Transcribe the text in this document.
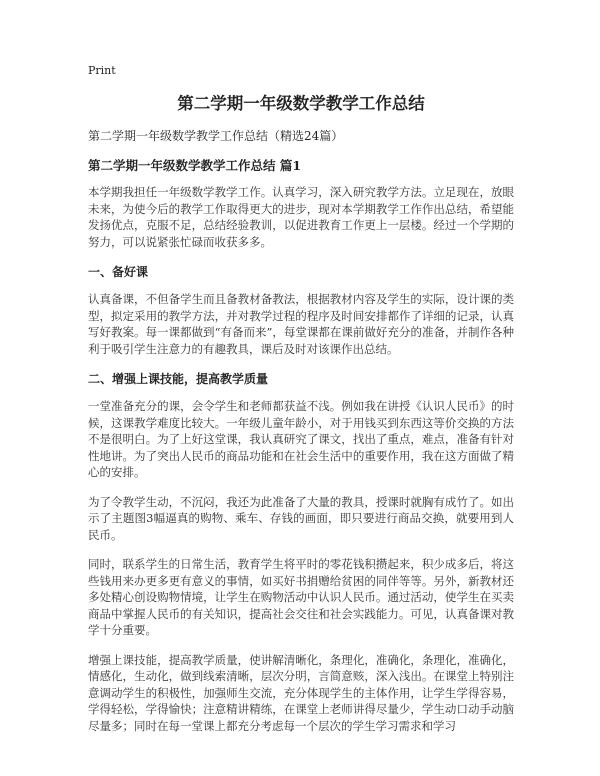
Print
第二学期一年级数学教学工作总结

第二学期一年级数学教学工作总结（精选24篇）

第二学期一年级数学教学工作总结 篇1

本学期我担任一年级数学教学工作。认真学习，深入研究教学方法。立足现在，放眼未来，为使今后的教学工作取得更大的进步，现对本学期教学工作作出总结，希望能发扬优点，克服不足，总结经验教训，以促进教育工作更上一层楼。经过一个学期的努力，可以说紧张忙碌而收获多多。

一、备好课

认真备课，不但备学生而且备教材备教法，根据教材内容及学生的实际，设计课的类型，拟定采用的教学方法，并对教学过程的程序及时间安排都作了详细的记录，认真写好教案。每一课都做到“有备而来”，每堂课都在课前做好充分的准备，并制作各种利于吸引学生注意力的有趣教具，课后及时对该课作出总结。

二、增强上课技能，提高教学质量

一堂准备充分的课，会令学生和老师都获益不浅。例如我在讲授《认识人民币》的时候，这课教学难度比较大。一年级儿童年龄小，对于用钱买到东西这等价交换的方法不是很明白。为了上好这堂课，我认真研究了课文，找出了重点，难点，准备有针对性地讲。为了突出人民币的商品功能和在社会生活中的重要作用，我在这方面做了精心的安排。

为了令教学生动，不沉闷，我还为此准备了大量的教具，授课时就胸有成竹了。如出示了主题图3幅逼真的购物、乘车、存钱的画面，即只要进行商品交换，就要用到人民币。

同时，联系学生的日常生活，教育学生将平时的零花钱积攒起来，积少成多后，将这些钱用来办更多更有意义的事情，如买好书捐赠给贫困的同伴等等。另外，新教材还多处精心创设购物情境，让学生在购物活动中认识人民币。通过活动，使学生在买卖商品中掌握人民币的有关知识，提高社会交往和社会实践能力。可见，认真备课对教学十分重要。

增强上课技能，提高教学质量，使讲解清晰化，条理化，准确化，条理化，准确化，情感化，生动化，做到线索清晰，层次分明，言简意赅，深入浅出。在课堂上特别注意调动学生的积极性，加强师生交流，充分体现学生的主体作用，让学生学得容易，学得轻松，学得愉快；注意精讲精练，在课堂上老师讲得尽量少，学生动口动手动脑尽量多；同时在每一堂课上都充分考虑每一个层次的学生学习需求和学习
